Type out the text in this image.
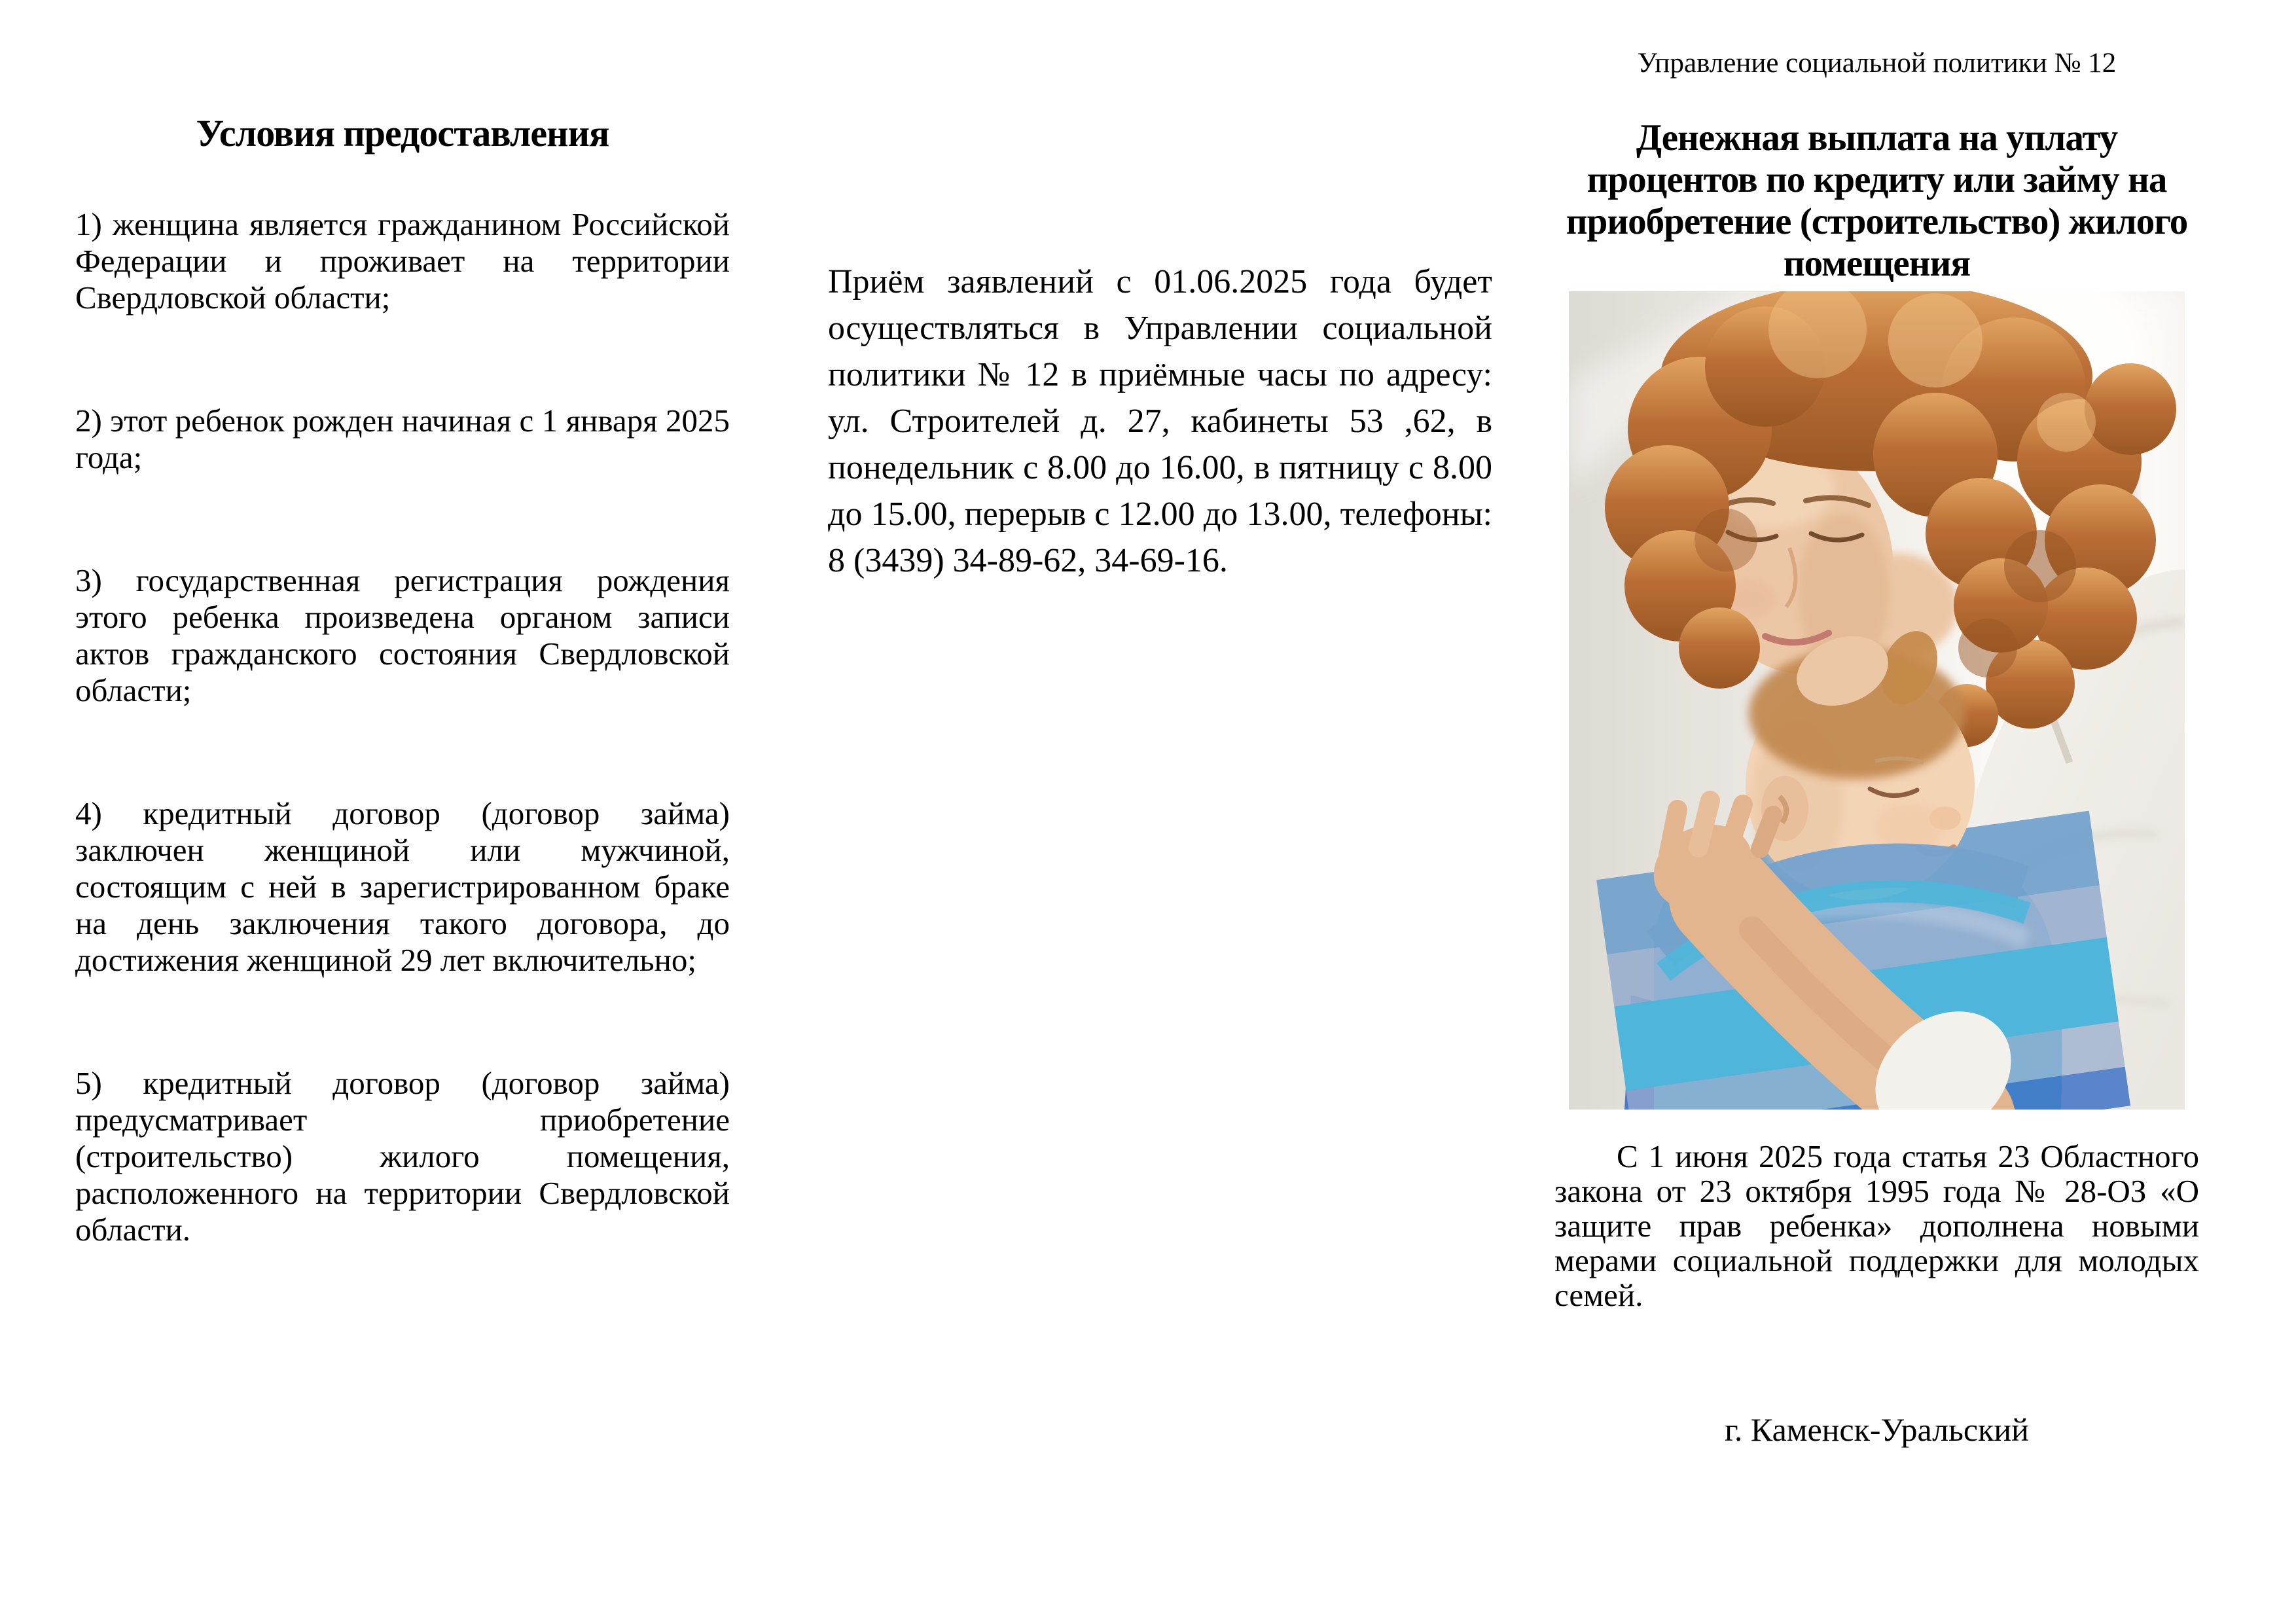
Условия предоставления

1) женщина является гражданином Российской Федерации и проживает на территории Свердловской области;

2) этот ребенок рожден начиная с 1 января 2025 года;

3) государственная регистрация рождения этого ребенка произведена органом записи актов гражданского состояния Свердловской области;

4) кредитный договор (договор займа) заключен женщиной или мужчиной, состоящим с ней в зарегистрированном браке на день заключения такого договора, до достижения женщиной 29 лет включительно;

5) кредитный договор (договор займа) предусматривает приобретение (строительство) жилого помещения, расположенного на территории Свердловской области.

Приём заявлений с 01.06.2025 года будет осуществляться в Управлении социальной политики № 12 в приёмные часы по адресу: ул. Строителей д. 27, кабинеты 53 ,62, в понедельник с 8.00 до 16.00, в пятницу с 8.00 до 15.00, перерыв с 12.00 до 13.00, телефоны: 8 (3439) 34-89-62, 34-69-16.

Управление социальной политики № 12

Денежная выплата на уплату процентов по кредиту или займу на приобретение (строительство) жилого помещения

С 1 июня 2025 года статья 23 Областного закона от 23 октября 1995 года № 28-ОЗ «О защите прав ребенка» дополнена новыми мерами социальной поддержки для молодых семей.

г. Каменск-Уральский
